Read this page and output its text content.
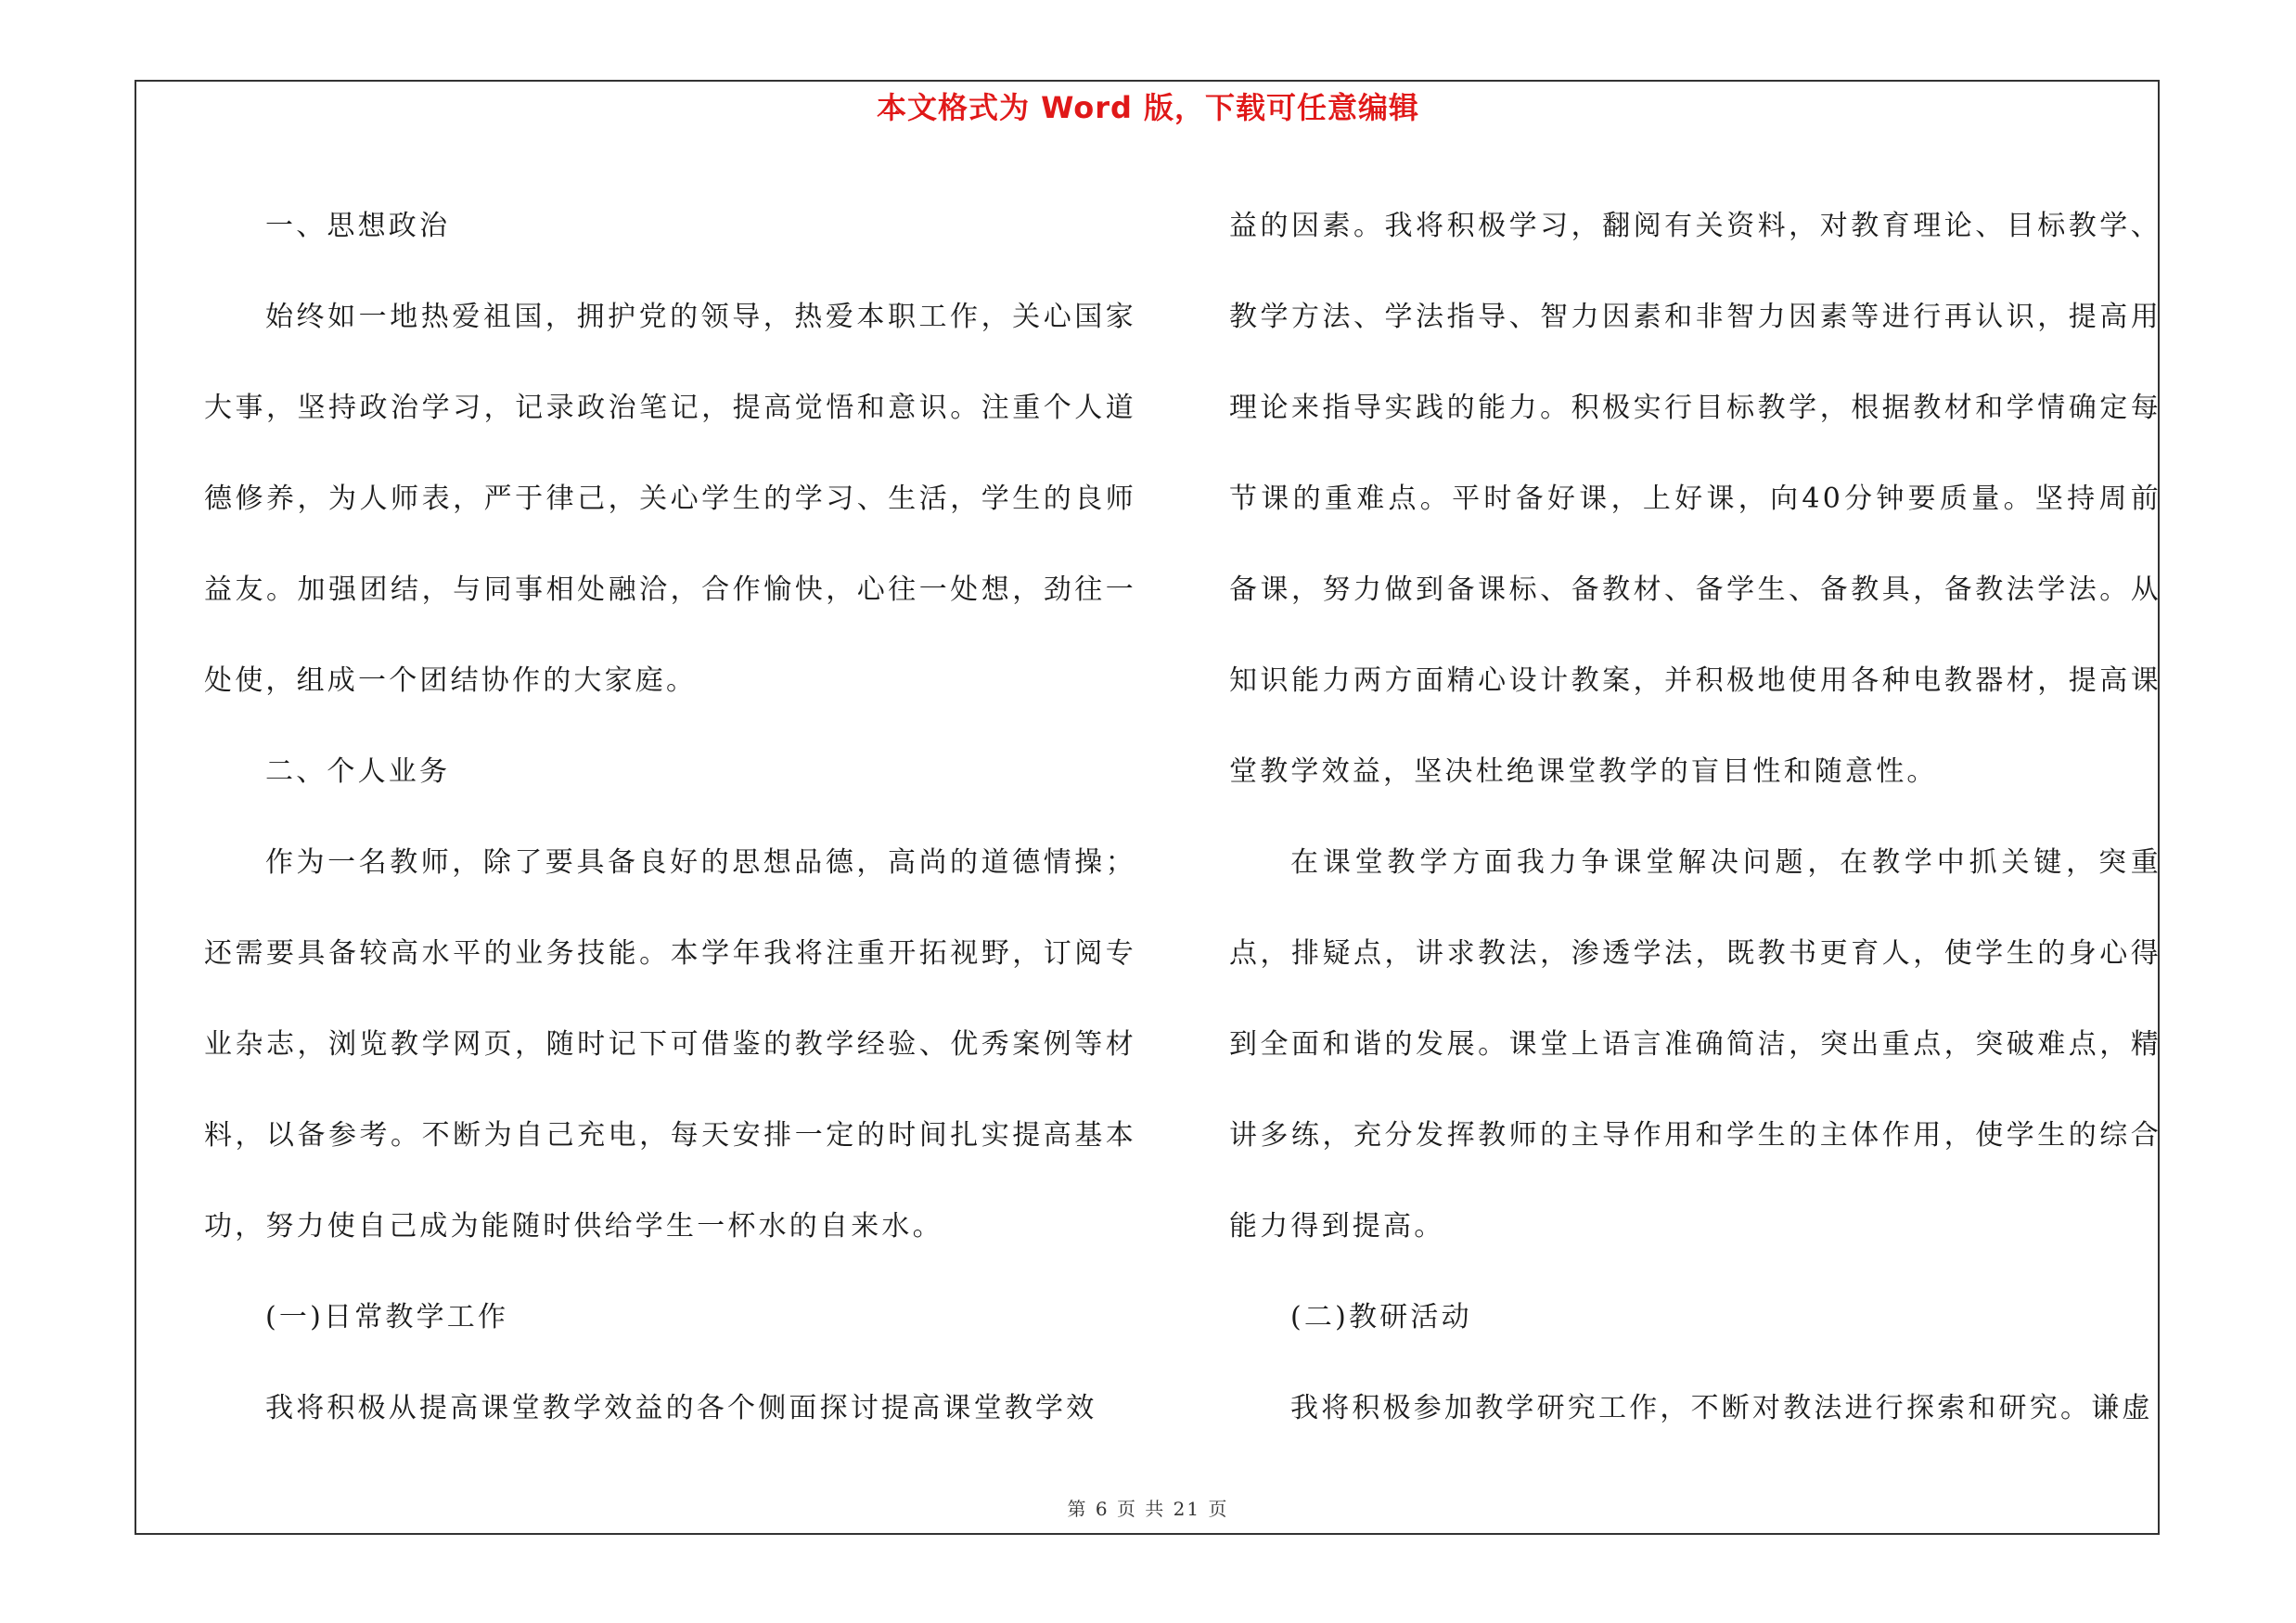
本文格式为 Word 版，下载可任意编辑

一、思想政治

始终如一地热爱祖国，拥护党的领导，热爱本职工作，关心国家大事，坚持政治学习，记录政治笔记，提高觉悟和意识。注重个人道德修养，为人师表，严于律己，关心学生的学习、生活，学生的良师益友。加强团结，与同事相处融洽，合作愉快，心往一处想，劲往一处使，组成一个团结协作的大家庭。

二、个人业务

作为一名教师，除了要具备良好的思想品德，高尚的道德情操；还需要具备较高水平的业务技能。本学年我将注重开拓视野，订阅专业杂志，浏览教学网页，随时记下可借鉴的教学经验、优秀案例等材料，以备参考。不断为自己充电，每天安排一定的时间扎实提高基本功，努力使自己成为能随时供给学生一杯水的自来水。

(一)日常教学工作

我将积极从提高课堂教学效益的各个侧面探讨提高课堂教学效

益的因素。我将积极学习，翻阅有关资料，对教育理论、目标教学、教学方法、学法指导、智力因素和非智力因素等进行再认识，提高用理论来指导实践的能力。积极实行目标教学，根据教材和学情确定每节课的重难点。平时备好课，上好课，向40分钟要质量。坚持周前备课，努力做到备课标、备教材、备学生、备教具，备教法学法。从知识能力两方面精心设计教案，并积极地使用各种电教器材，提高课堂教学效益，坚决杜绝课堂教学的盲目性和随意性。

在课堂教学方面我力争课堂解决问题，在教学中抓关键，突重点，排疑点，讲求教法，渗透学法，既教书更育人，使学生的身心得到全面和谐的发展。课堂上语言准确简洁，突出重点，突破难点，精讲多练，充分发挥教师的主导作用和学生的主体作用，使学生的综合能力得到提高。

(二)教研活动

我将积极参加教学研究工作，不断对教法进行探索和研究。谦虚

第 6 页 共 21 页
